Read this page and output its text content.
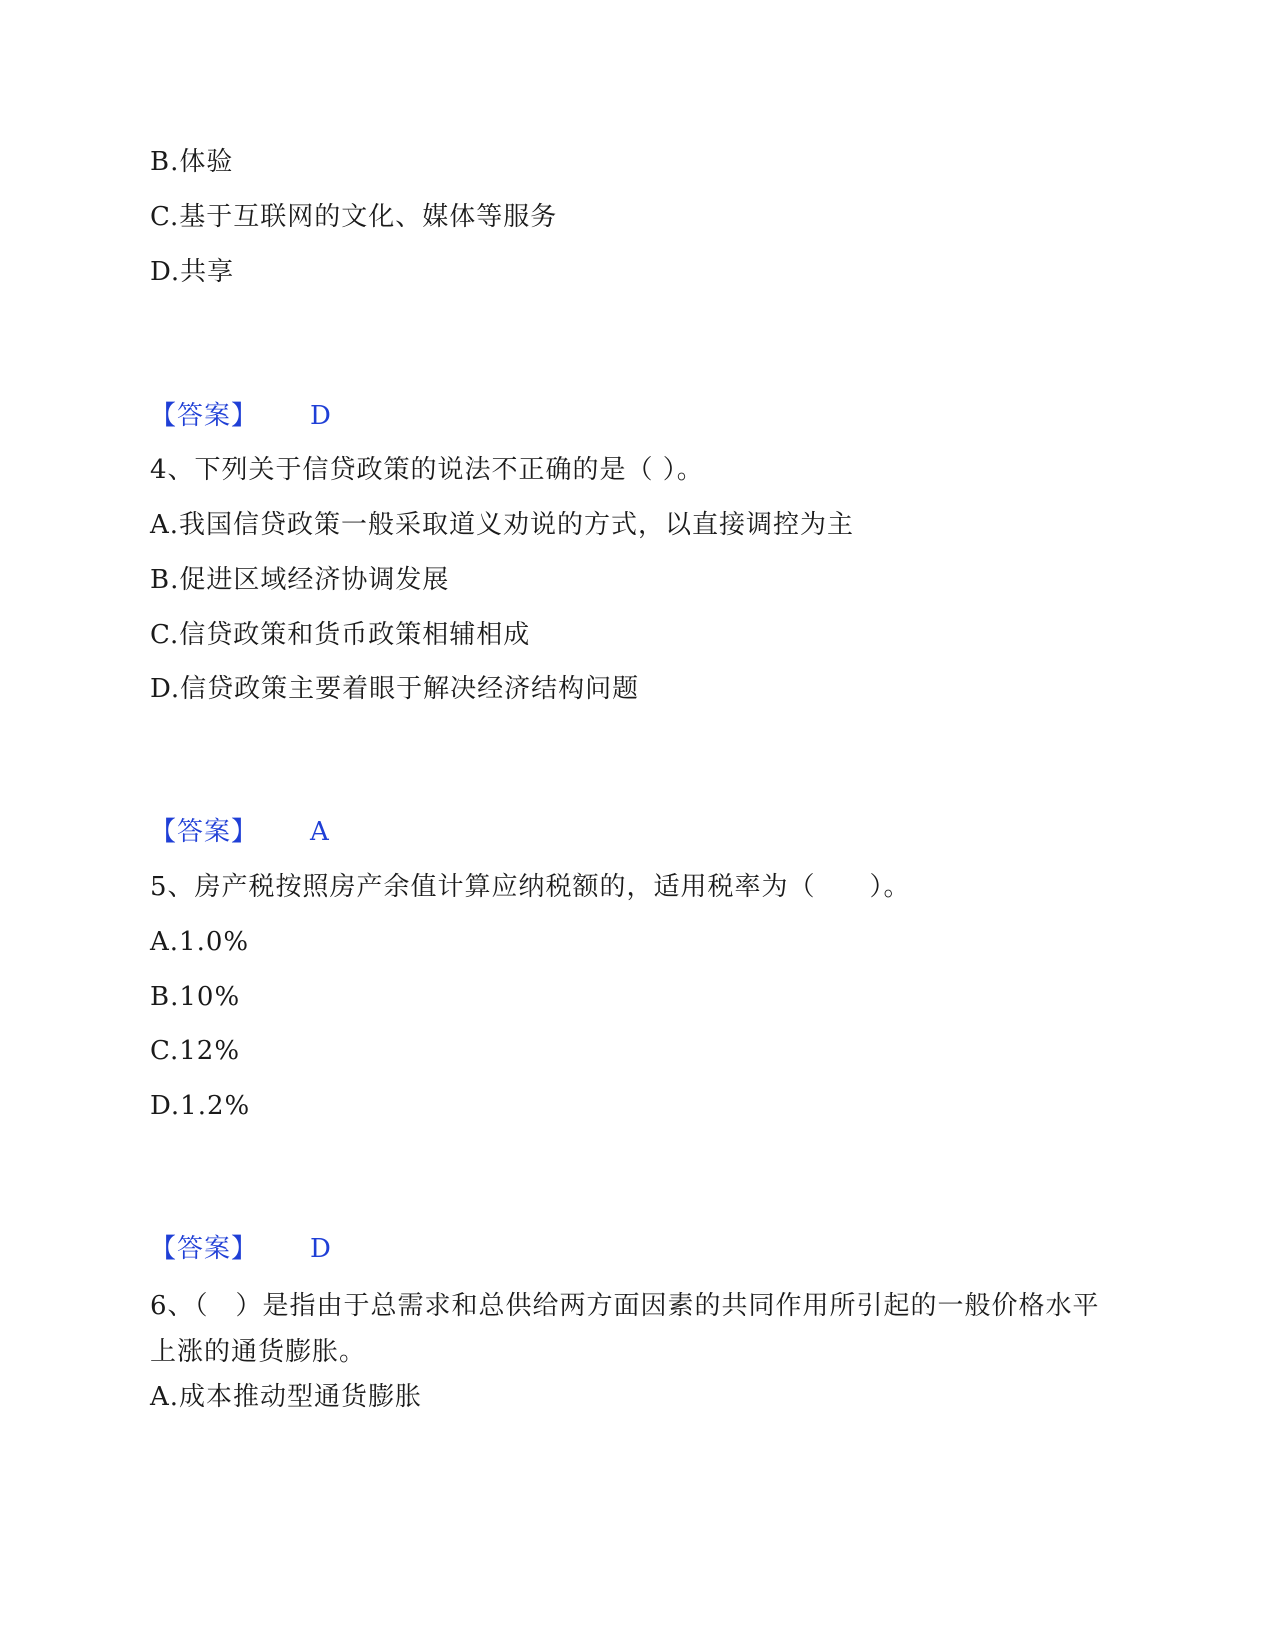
B.体验
C.基于互联网的文化、媒体等服务
D.共享
【答案】 D
4、下列关于信贷政策的说法不正确的是（ ）。
A.我国信贷政策一般采取道义劝说的方式，以直接调控为主
B.促进区域经济协调发展
C.信贷政策和货币政策相辅相成
D.信贷政策主要着眼于解决经济结构问题
【答案】 A
5、房产税按照房产余值计算应纳税额的，适用税率为（　　）。
A.1.0%
B.10%
C.12%
D.1.2%
【答案】 D
6、（　）是指由于总需求和总供给两方面因素的共同作用所引起的一般价格水平上涨的通货膨胀。
A.成本推动型通货膨胀
